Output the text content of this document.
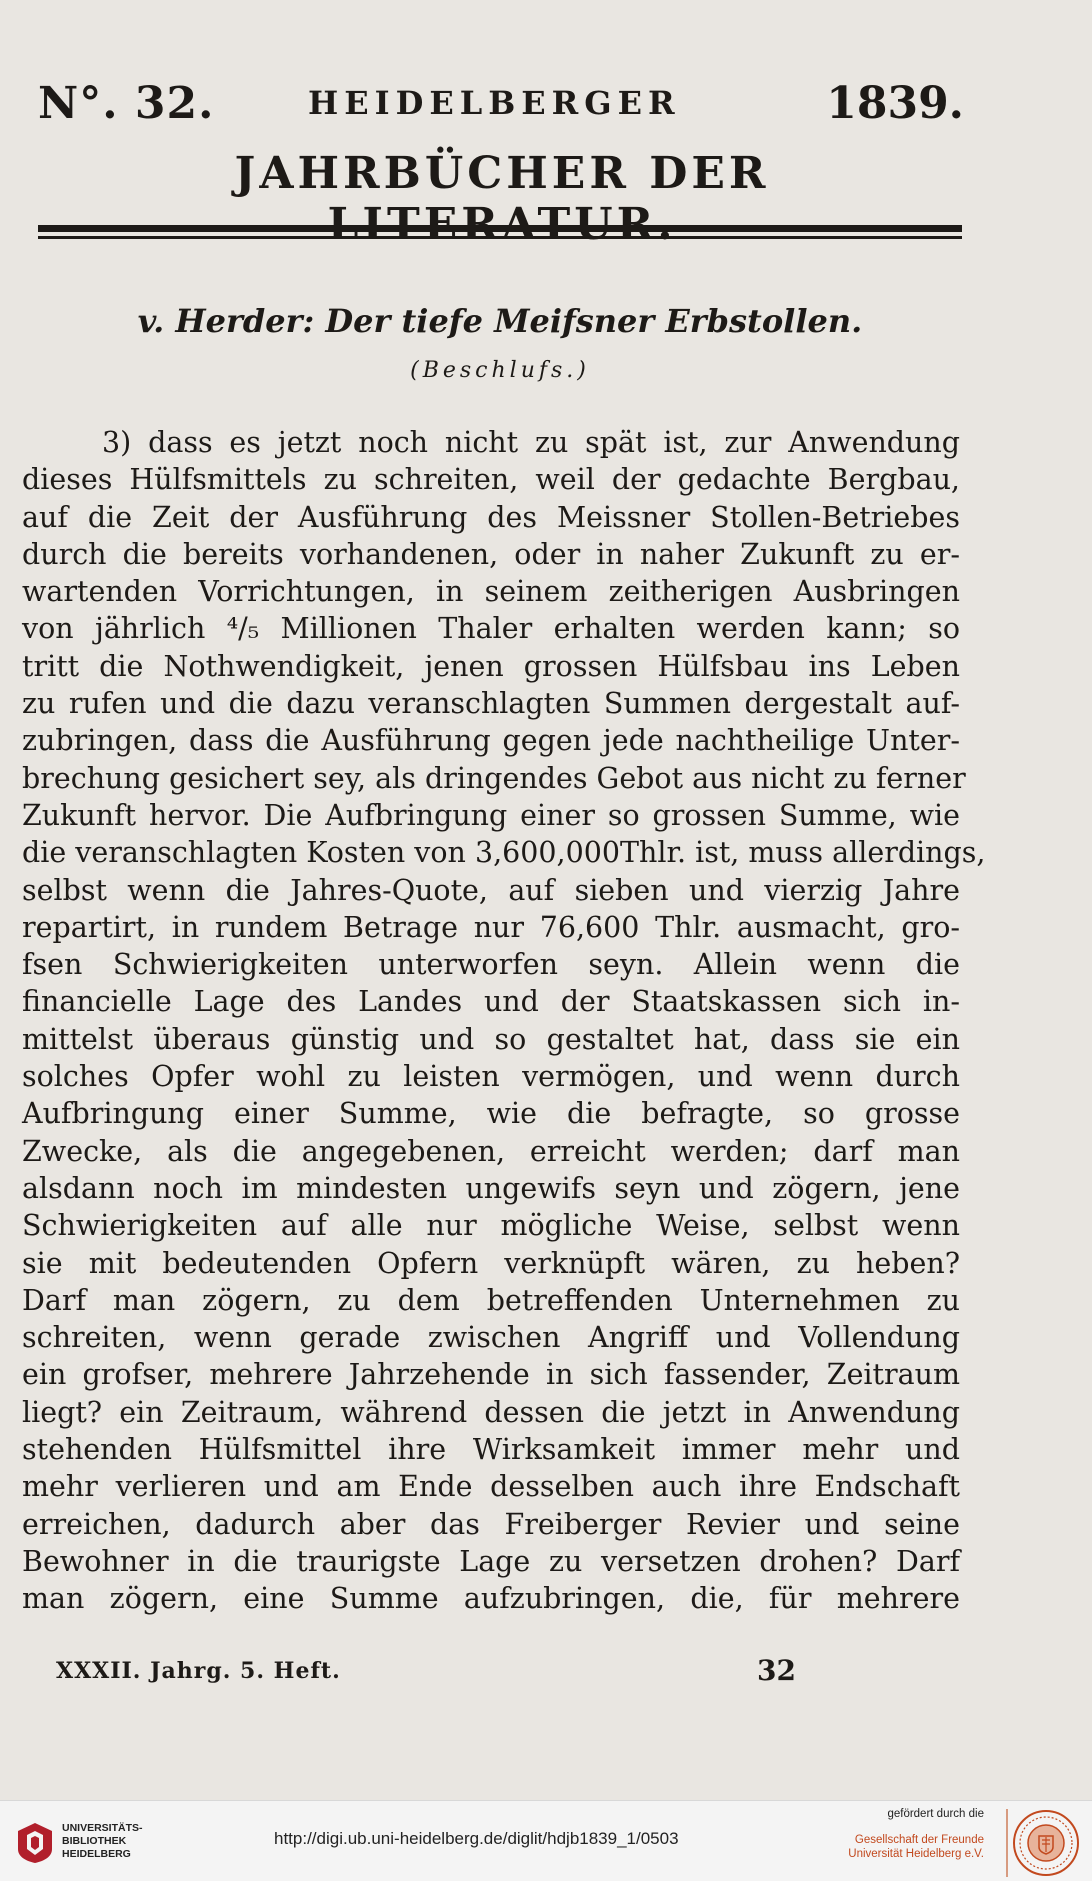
N°. 32.	HEIDELBERGER	1839.
JAHRBÜCHER DER
v. Herder: Der tiefe Meifsner Erbstollen.
(Beschlufs.)
3) dass es jetzt noch nicht zu spät ist, zur Anwendung
dieses Hülfsmittels zu schreiten, weil der gedachte Bergbau,
auf die Zeit der Ausführung des Meissner Stollen-Betriebes
durch die bereits vorhandenen, oder in naher Zukunft zu er-
wartenden Vorrichtungen, in seinem zeitherigen Ausbringen
von jährlich ⁴/₅ Millionen Thaler erhalten werden kann; so
tritt die Nothwendigkeit, jenen grossen Hülfsbau ins Leben
zu rufen und die dazu veranschlagten Summen dergestalt auf-
zubringen, dass die Ausführung gegen jede nachtheilige Unter-
brechung gesichert sey, als dringendes Gebot aus nicht zu ferner
Zukunft hervor. Die Aufbringung einer so grossen Summe, wie
die veranschlagten Kosten von 3,600,000Thlr. ist, muss allerdings,
selbst wenn die Jahres-Quote, auf sieben und vierzig Jahre
repartirt, in rundem Betrage nur 76,600 Thlr. ausmacht, gro-
fsen Schwierigkeiten unterworfen seyn. Allein wenn die
financielle Lage des Landes und der Staatskassen sich in-
mittelst überaus günstig und so gestaltet hat, dass sie ein
solches Opfer wohl zu leisten vermögen, und wenn durch
Aufbringung einer Summe, wie die befragte, so grosse
Zwecke, als die angegebenen, erreicht werden; darf man
alsdann noch im mindesten ungewifs seyn und zögern, jene
Schwierigkeiten auf alle nur mögliche Weise, selbst wenn
sie mit bedeutenden Opfern verknüpft wären, zu heben?
Darf man zögern, zu dem betreffenden Unternehmen zu
schreiten, wenn gerade zwischen Angriff und Vollendung
ein grofser, mehrere Jahrzehende in sich fassender, Zeitraum
liegt? ein Zeitraum, während dessen die jetzt in Anwendung
stehenden Hülfsmittel ihre Wirksamkeit immer mehr und
mehr verlieren und am Ende desselben auch ihre Endschaft
erreichen, dadurch aber das Freiberger Revier und seine
Bewohner in die traurigste Lage zu versetzen drohen? Darf
man zögern, eine Summe aufzubringen, die, für mehrere
XXXII. Jahrg. 5. Heft.	32
UNIVERSITÄTS-
BIBLIOTHEK
HEIDELBERG
http://digi.ub.uni-heidelberg.de/diglit/hdjb1839_1/0503
gefördert durch die
Gesellschaft der Freunde
Universität Heidelberg e.V.
